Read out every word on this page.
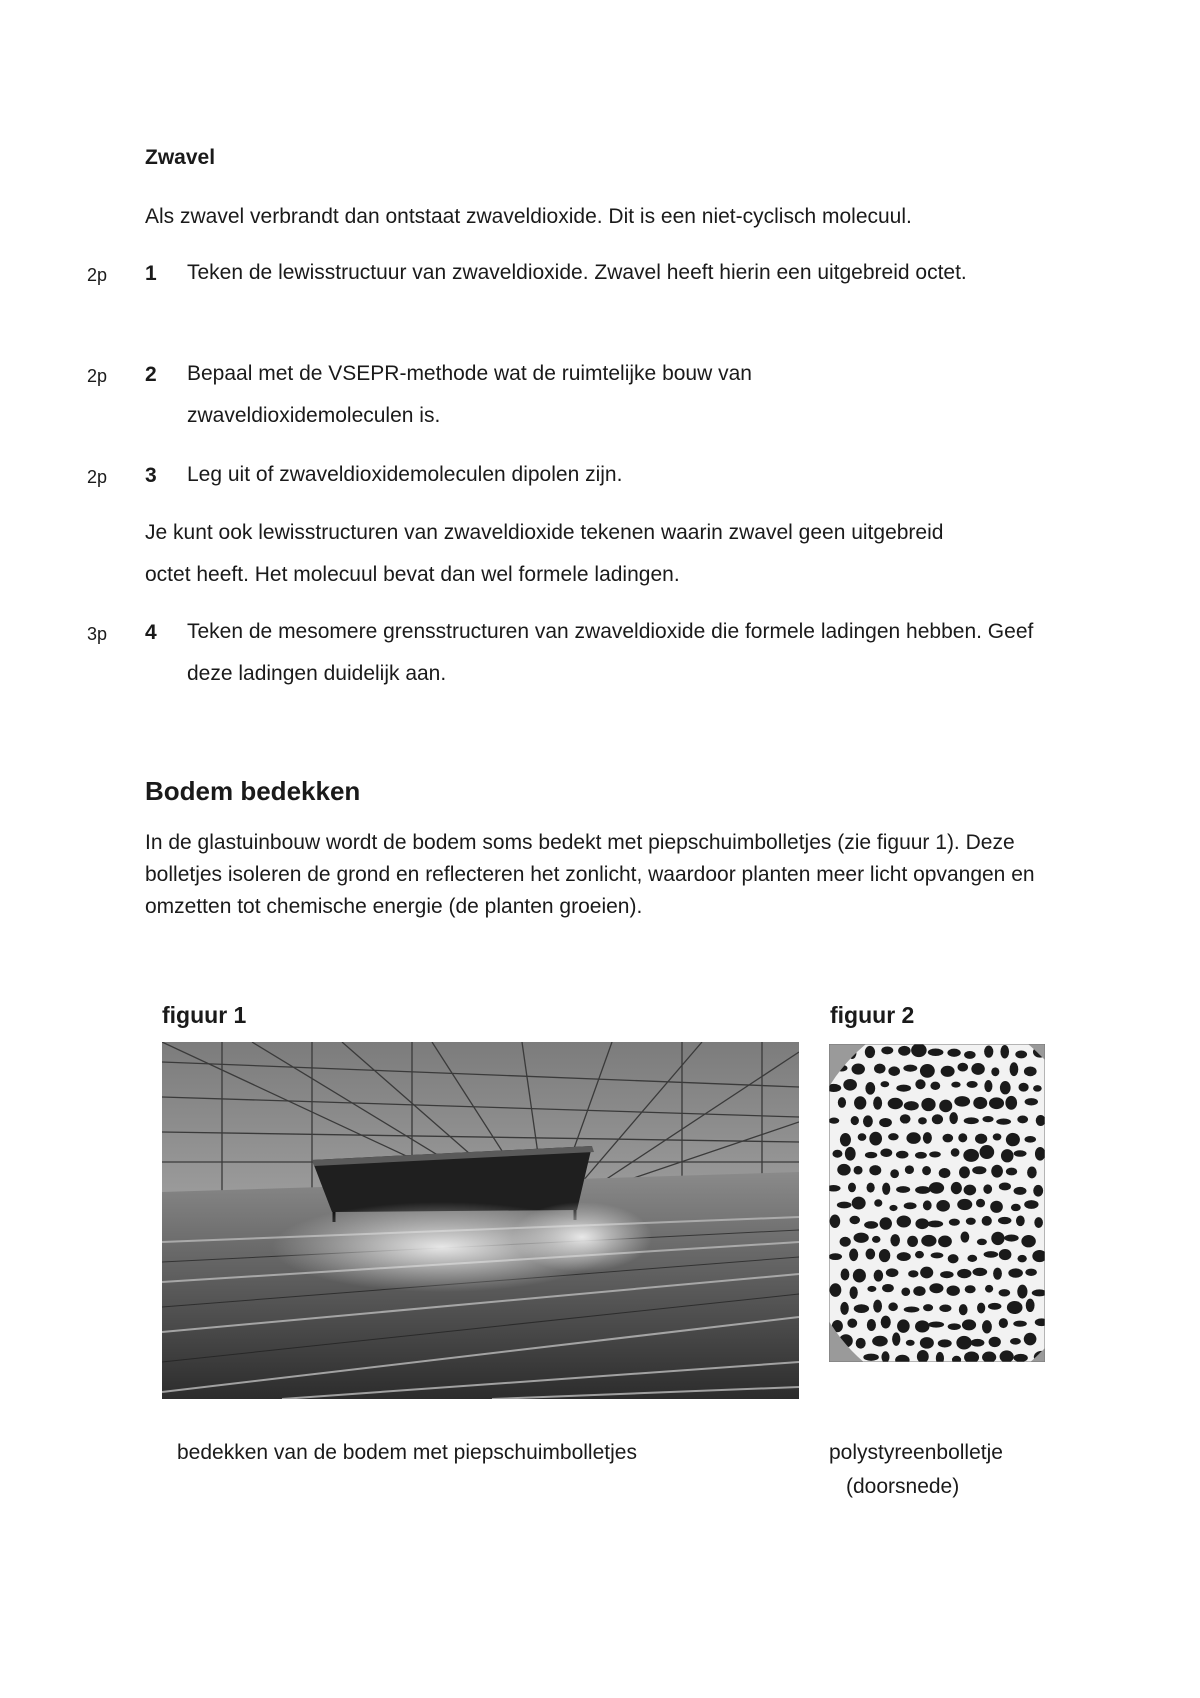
Zwavel
Als zwavel verbrandt dan ontstaat zwaveldioxide. Dit is een niet-cyclisch molecuul.
2p 1 Teken de lewisstructuur van zwaveldioxide. Zwavel heeft hierin een uitgebreid octet.
2p 2 Bepaal met de VSEPR-methode wat de ruimtelijke bouw van zwaveldioxidemoleculen is.
2p 3 Leg uit of zwaveldioxidemoleculen dipolen zijn.
Je kunt ook lewisstructuren van zwaveldioxide tekenen waarin zwavel geen uitgebreid octet heeft. Het molecuul bevat dan wel formele ladingen.
3p 4 Teken de mesomere grensstructuren van zwaveldioxide die formele ladingen hebben. Geef deze ladingen duidelijk aan.
Bodem bedekken
In de glastuinbouw wordt de bodem soms bedekt met piepschuimbolletjes (zie figuur 1). Deze bolletjes isoleren de grond en reflecteren het zonlicht, waardoor planten meer licht opvangen en omzetten tot chemische energie (de planten groeien).
figuur 1
bedekken van de bodem met piepschuimbolletjes
figuur 2
polystyreenbolletje
(doorsnede)
